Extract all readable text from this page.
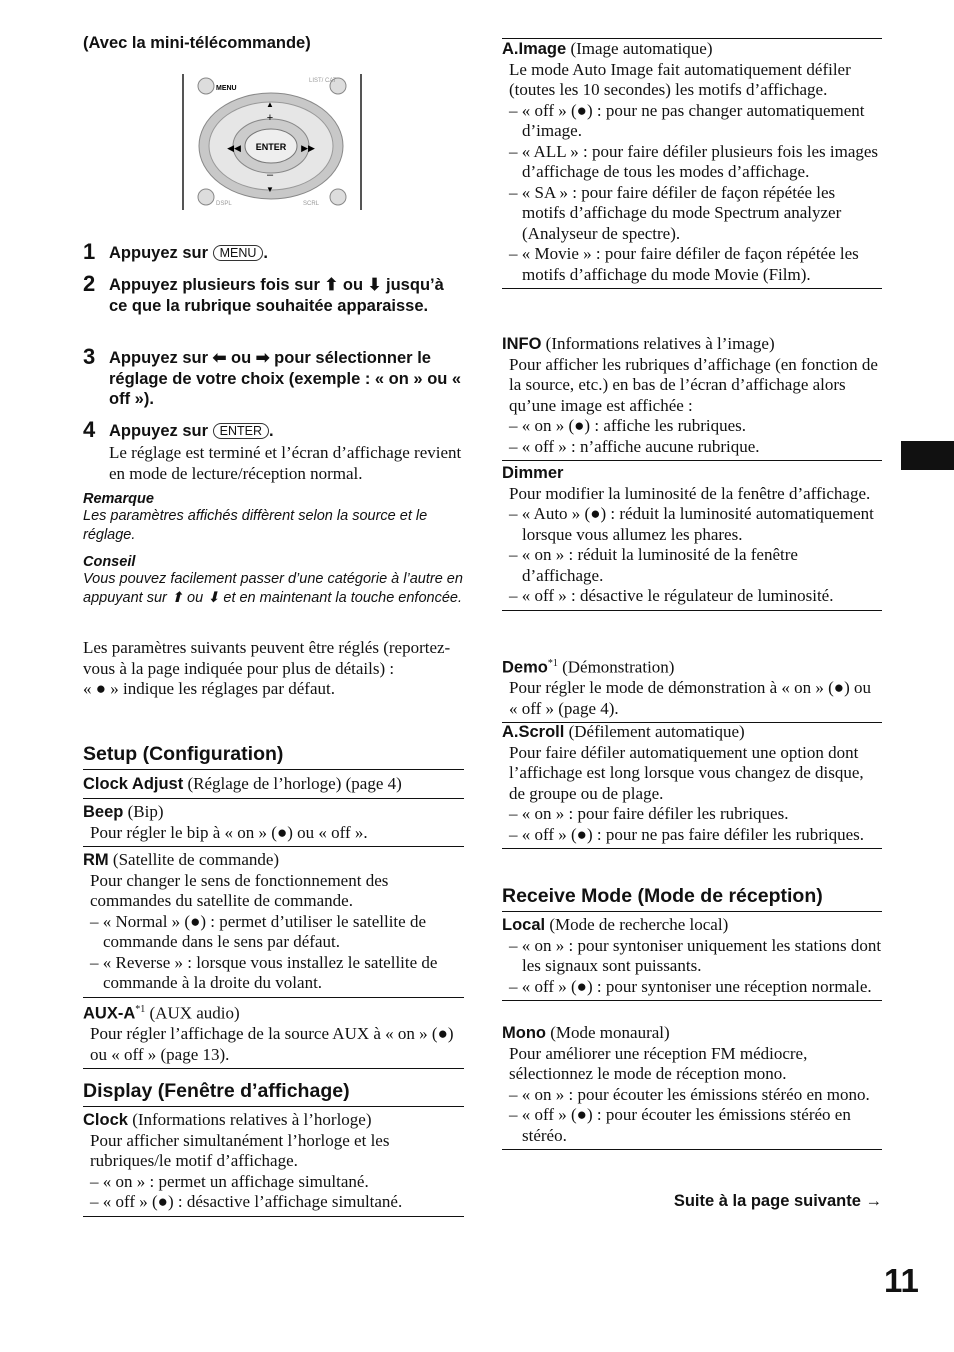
(Avec la mini-télécommande)
ENTER
+
–
◀◀	▶▶
▲
▼
MENU
LIST/ CAT
DSPL	SCRL
1 Appuyez sur MENU .
2 Appuyez plusieurs fois sur ⬆ ou ⬇ jusqu’à ce que la rubrique souhaitée apparaisse.
3 Appuyez sur ⬅ ou ➡ pour sélectionner le réglage de votre choix (exemple : « on » ou « off »).
4 Appuyez sur ENTER .
Le réglage est terminé et l’écran d’affichage revient en mode de lecture/réception normal.
Remarque
Les paramètres affichés diffèrent selon la source et le réglage.
Conseil
Vous pouvez facilement passer d’une catégorie à l’autre en appuyant sur ⬆ ou ⬇ et en maintenant la touche enfoncée.
Les paramètres suivants peuvent être réglés (reportez-vous à la page indiquée pour plus de détails) :
« ● » indique les réglages par défaut.
Setup (Configuration)
Clock Adjust (Réglage de l’horloge) (page 4)
Beep (Bip)
Pour régler le bip à « on » (●) ou « off ».
RM (Satellite de commande)
Pour changer le sens de fonctionnement des commandes du satellite de commande.
– « Normal » (●) : permet d’utiliser le satellite de commande dans le sens par défaut.
– « Reverse » : lorsque vous installez le satellite de commande à la droite du volant.
AUX-$A^{*1}$ (AUX audio)
Pour régler l’affichage de la source AUX à « on » (●) ou « off » (page 13).
Display (Fenêtre d’affichage)
Clock (Informations relatives à l’horloge)
Pour afficher simultanément l’horloge et les rubriques/le motif d’affichage.
– « on » : permet un affichage simultané.
– « off » (●) : désactive l’affichage simultané.
A.Image (Image automatique)
Le mode Auto Image fait automatiquement défiler (toutes les 10 secondes) les motifs d’affichage.
– « off » (●) : pour ne pas changer automatiquement d’image.
– « ALL » : pour faire défiler plusieurs fois les images d’affichage de tous les modes d’affichage.
– « SA » : pour faire défiler de façon répétée les motifs d’affichage du mode Spectrum analyzer (Analyseur de spectre).
– « Movie » : pour faire défiler de façon répétée les motifs d’affichage du mode Movie (Film).
INFO (Informations relatives à l’image)
Pour afficher les rubriques d’affichage (en fonction de la source, etc.) en bas de l’écran d’affichage alors qu’une image est affichée :
– « on » (●) : affiche les rubriques.
– « off » : n’affiche aucune rubrique.
Dimmer
Pour modifier la luminosité de la fenêtre d’affichage.
– « Auto » (●) : réduit la luminosité automatiquement lorsque vous allumez les phares.
– « on » : réduit la luminosité de la fenêtre d’affichage.
– « off » : désactive le régulateur de luminosité.
Demo$^{*1}$ (Démonstration)
Pour régler le mode de démonstration à « on » (●) ou « off » (page 4).
A.Scroll (Défilement automatique)
Pour faire défiler automatiquement une option dont l’affichage est long lorsque vous changez de disque, de groupe ou de plage.
– « on » : pour faire défiler les rubriques.
– « off » (●) : pour ne pas faire défiler les rubriques.
Receive Mode (Mode de réception)
Local (Mode de recherche local)
– « on » : pour syntoniser uniquement les stations dont les signaux sont puissants.
– « off » (●) : pour syntoniser une réception normale.
Mono (Mode monaural)
Pour améliorer une réception FM médiocre, sélectionnez le mode de réception mono.
– « on » : pour écouter les émissions stéréo en mono.
– « off » (●) : pour écouter les émissions stéréo en stéréo.
Suite à la page suivante →
11
